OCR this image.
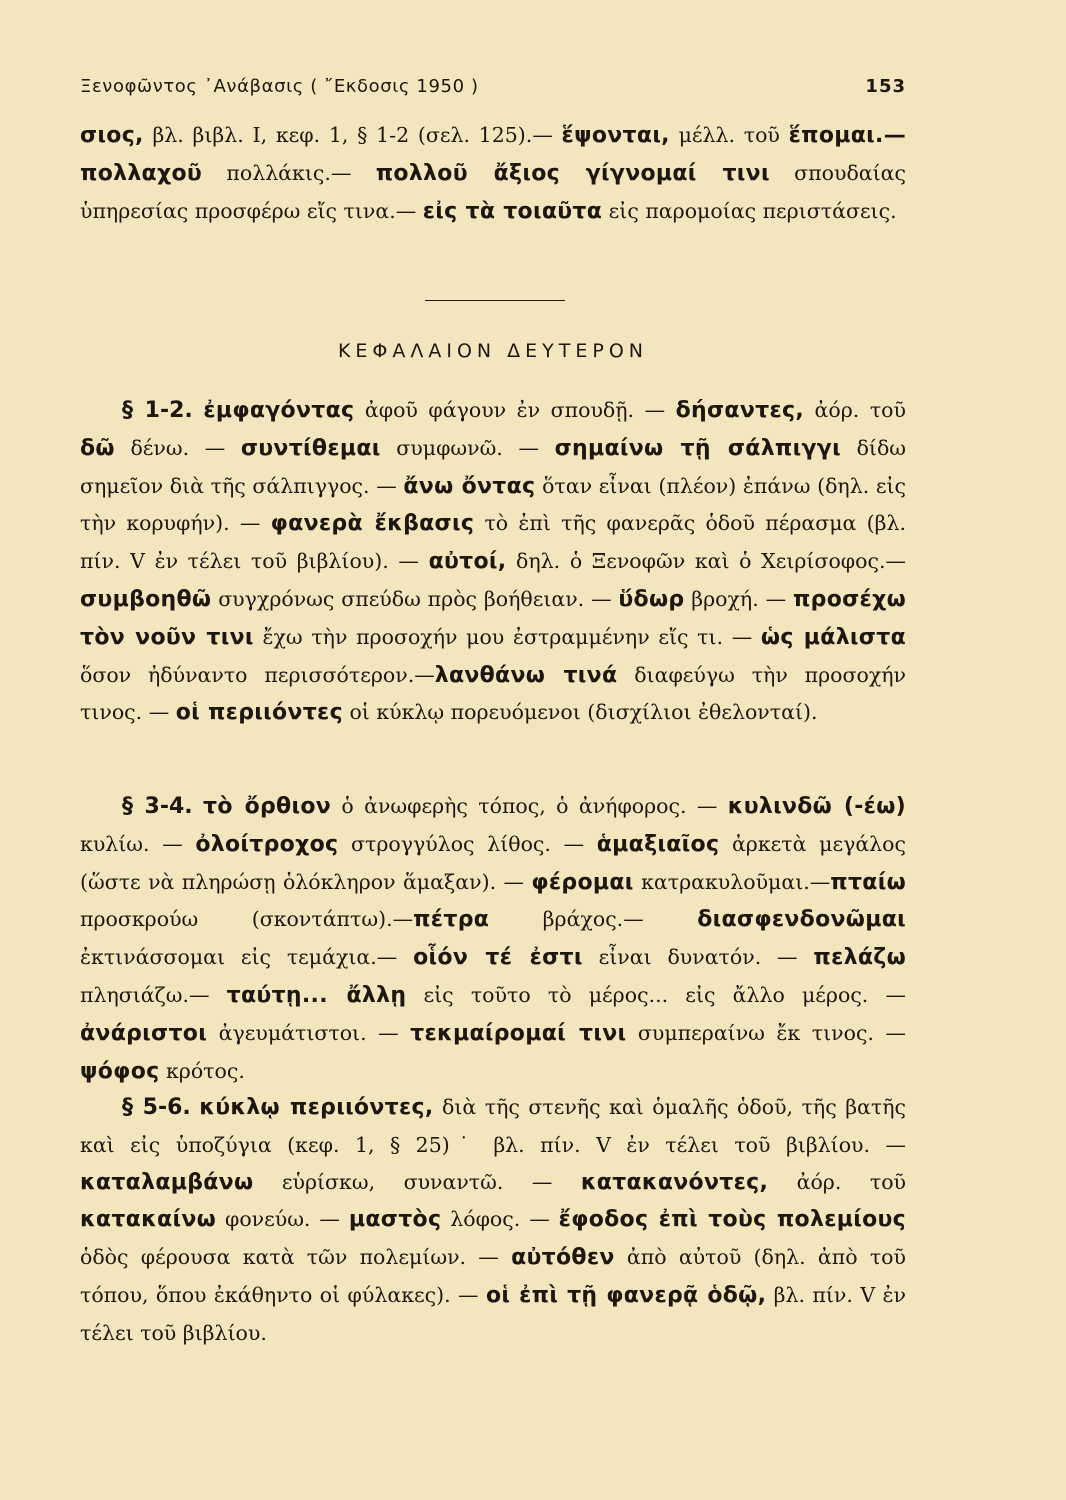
Ξενοφῶντος ᾽Ανάβασις ( ῎Εκδοσις 1950 )	153

σιος, βλ. βιβλ. Ι, κεφ. 1, § 1-2 (σελ. 125).— ἕψονται, μέλλ. τοῦ ἕπομαι.— πολλαχοῦ πολλάκις.— πολλοῦ ἄξιος γίγνομαί τινι σπουδαίας ὑπηρεσίας προσφέρω εἴς τινα.— εἰς τὰ τοιαῦτα εἰς παρομοίας περιστάσεις.

ΚΕΦΑΛΑΙΟΝ ΔΕΥΤΕΡΟΝ

§ 1-2. ἐμφαγόντας ἀφοῦ φάγουν ἐν σπουδῇ. — δήσαντες, ἀόρ. τοῦ δῶ δένω. — συντίθεμαι συμφωνῶ. — σημαίνω τῇ σάλπιγγι δίδω σημεῖον διὰ τῆς σάλπιγγος. — ἄνω ὄντας ὅταν εἶναι (πλέον) ἐπάνω (δηλ. εἰς τὴν κορυφήν). — φανερὰ ἔκβασις τὸ ἐπὶ τῆς φανερᾶς ὁδοῦ πέρασμα (βλ. πίν. V ἐν τέλει τοῦ βιβλίου). — αὐτοί, δηλ. ὁ Ξενοφῶν καὶ ὁ Χειρίσοφος.— συμβοηθῶ συγχρόνως σπεύδω πρὸς βοήθειαν. — ὕδωρ βροχή. — προσέχω τὸν νοῦν τινι ἔχω τὴν προσοχήν μου ἐστραμμένην εἴς τι. — ὡς μάλιστα ὅσον ἠδύναντο περισσότερον.—λανθάνω τινά διαφεύγω τὴν προσοχήν τινος. — οἱ περιιόντες οἱ κύκλῳ πορευόμενοι (δισχίλιοι ἐθελονταί).

§ 3-4. τὸ ὄρθιον ὁ ἀνωφερὴς τόπος, ὁ ἀνήφορος. — κυλινδῶ (-έω) κυλίω. — ὀλοίτροχος στρογγύλος λίθος. — ἁμαξιαῖος ἀρκετὰ μεγάλος (ὥστε νὰ πληρώσῃ ὁλόκληρον ἅμαξαν). — φέρομαι κατρακυλοῦμαι.—πταίω προσκρούω (σκοντάπτω).—πέτρα βράχος.— διασφενδονῶμαι ἐκτινάσσομαι εἰς τεμάχια.— οἷόν τέ ἐστι εἶναι δυνατόν. — πελάζω πλησιάζω.— ταύτῃ... ἄλλῃ εἰς τοῦτο τὸ μέρος... εἰς ἄλλο μέρος. — ἀνάριστοι ἀγευμάτιστοι. — τεκμαίρομαί τινι συμπεραίνω ἔκ τινος. — ψόφος κρότος.

§ 5-6. κύκλῳ περιιόντες, διὰ τῆς στενῆς καὶ ὁμαλῆς ὁδοῦ, τῆς βατῆς καὶ εἰς ὑποζύγια (κεφ. 1, § 25)˙ βλ. πίν. V ἐν τέλει τοῦ βιβλίου. — καταλαμβάνω εὑρίσκω, συναντῶ. — κατακανόντες, ἀόρ. τοῦ κατακαίνω φονεύω. — μαστὸς λόφος. — ἔφοδος ἐπὶ τοὺς πολεμίους ὁδὸς φέρουσα κατὰ τῶν πολεμίων. — αὐτόθεν ἀπὸ αὐτοῦ (δηλ. ἀπὸ τοῦ τόπου, ὅπου ἐκάθηντο οἱ φύλακες). — οἱ ἐπὶ τῇ φανερᾷ ὁδῷ, βλ. πίν. V ἐν τέλει τοῦ βιβλίου.
